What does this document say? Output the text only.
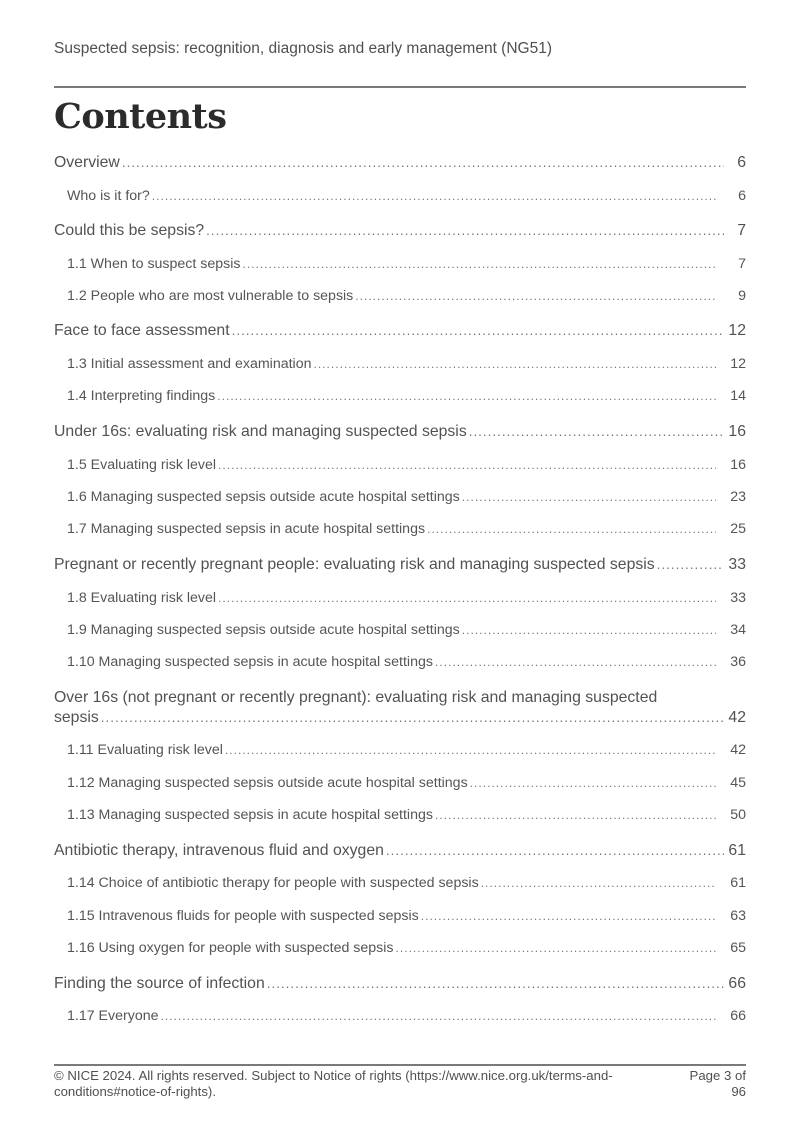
Suspected sepsis: recognition, diagnosis and early management (NG51)
Contents
Overview .....	6
Who is it for? .....	6
Could this be sepsis? .....	7
1.1 When to suspect sepsis .....	7
1.2 People who are most vulnerable to sepsis .....	9
Face to face assessment .....	12
1.3 Initial assessment and examination .....	12
1.4 Interpreting findings .....	14
Under 16s: evaluating risk and managing suspected sepsis .....	16
1.5 Evaluating risk level .....	16
1.6 Managing suspected sepsis outside acute hospital settings .....	23
1.7 Managing suspected sepsis in acute hospital settings .....	25
Pregnant or recently pregnant people: evaluating risk and managing suspected sepsis .....	33
1.8 Evaluating risk level .....	33
1.9 Managing suspected sepsis outside acute hospital settings .....	34
1.10 Managing suspected sepsis in acute hospital settings .....	36
Over 16s (not pregnant or recently pregnant): evaluating risk and managing suspected
sepsis .....	42
1.11 Evaluating risk level .....	42
1.12 Managing suspected sepsis outside acute hospital settings .....	45
1.13 Managing suspected sepsis in acute hospital settings .....	50
Antibiotic therapy, intravenous fluid and oxygen .....	61
1.14 Choice of antibiotic therapy for people with suspected sepsis .....	61
1.15 Intravenous fluids for people with suspected sepsis .....	63
1.16 Using oxygen for people with suspected sepsis .....	65
Finding the source of infection .....	66
1.17 Everyone .....	66
© NICE 2024. All rights reserved. Subject to Notice of rights (https://www.nice.org.uk/terms-and-
conditions#notice-of-rights).
Page 3 of
96
